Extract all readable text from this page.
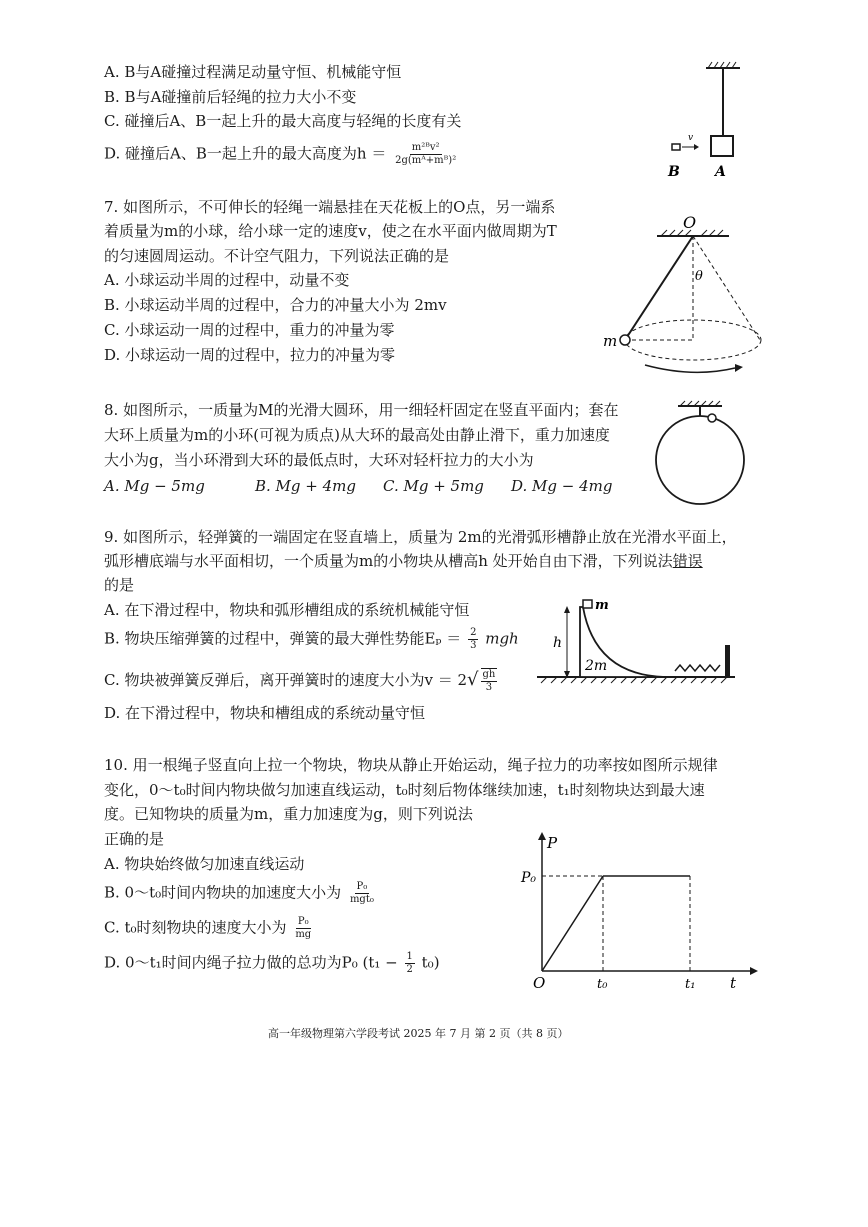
A. B与A碰撞过程满足动量守恒、机械能守恒
B. B与A碰撞前后轻绳的拉力大小不变
C. 碰撞后A、B一起上升的最大高度与轻绳的长度有关
D. 碰撞后A、B一起上升的最大高度为$h = \frac{\text{m²ᴮv²}}{\text{2g(mᴬ+mᴮ)²}}$
v
B	A
7. 如图所示，不可伸长的轻绳一端悬挂在天花板上的O点，另一端系
着质量为m的小球，给小球一定的速度v，使之在水平面内做周期为T
的匀速圆周运动。不计空气阻力，下列说法正确的是
A. 小球运动半周的过程中，动量不变
B. 小球运动半周的过程中，合力的冲量大小为 2mv
C. 小球运动一周的过程中，重力的冲量为零
D. 小球运动一周的过程中，拉力的冲量为零
O
θ
m
8. 如图所示，一质量为M的光滑大圆环，用一细轻杆固定在竖直平面内；套在
大环上质量为m的小环(可视为质点)从大环的最高处由静止滑下，重力加速度
大小为g，当小环滑到大环的最低点时，大环对轻杆拉力的大小为
A. Mg − 5mg	B. Mg + 4mg C. Mg + 5mg D. Mg − 4mg
9. 如图所示，轻弹簧的一端固定在竖直墙上，质量为 2m的光滑弧形槽静止放在光滑水平面上，
弧形槽底端与水平面相切，一个质量为m的小物块从槽高h 处开始自由下滑，下列说法错误
的是
A. 在下滑过程中，物块和弧形槽组成的系统机械能守恒
B. 物块压缩弹簧的过程中，弹簧的最大弹性势能$E_p = \frac{2}{3}$ mgh
C. 物块被弹簧反弹后，离开弹簧时的速度大小为$v = 2√ \frac{gh}{3}$
D. 在下滑过程中，物块和槽组成的系统动量守恒
m
h
2m
10. 用一根绳子竖直向上拉一个物块，物块从静止开始运动，绳子拉力的功率按如图所示规律
变化，0～t₀时间内物块做匀加速直线运动，t₀时刻后物体继续加速，t₁时刻物块达到最大速
度。已知物块的质量为m，重力加速度为g，则下列说法
正确的是
A. 物块始终做匀加速直线运动
B. 0～t₀时间内物块的加速度大小为 $\frac{\text{P₀}}{\text{mgt₀}}$
C. t₀时刻物块的速度大小为 $\frac{\text{P₀}}{mg}$
D. 0～t₁时间内绳子拉力做的总功为P₀ $(t_1 - \frac{1}{2} t_0)$
P
P₀
O	t₀	t₁ t
高一年级物理第六学段考试 2025 年 7 月 第 2 页（共 8 页）
